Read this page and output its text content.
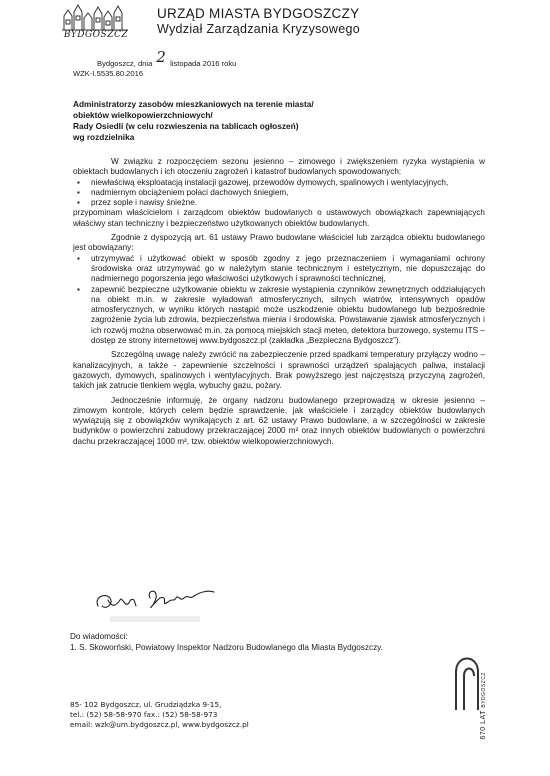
BYDGOSZCZ
URZĄD MIASTA BYDGOSZCZY
Wydział Zarządzania Kryzysowego
Bydgoszcz, dnia 2 listopada 2016 roku
WZK-I.5535.80.2016
Administratorzy zasobów mieszkaniowych na terenie miasta/
obiektów wielkopowierzchniowych/
Rady Osiedli (w celu rozwieszenia na tablicach ogłoszeń)
wg rozdzielnika

W związku z rozpoczęciem sezonu jesienno – zimowego i zwiększeniem ryzyka wystąpienia w obiektach budowlanych i ich otoczeniu zagrożeń i katastrof budowlanych spowodowanych:

▪ niewłaściwą eksploatacją instalacji gazowej, przewodów dymowych, spalinowych i wentylacyjnych,
▪ nadmiernym obciążeniem połaci dachowych śniegiem,
▪ przez sople i nawisy śnieżne.

przypominam właścicielom i zarządcom obiektów budowlanych o ustawowych obowiązkach zapewniających właściwy stan techniczny i bezpieczeństwo użytkowanych obiektów budowlanych.

Zgodnie z dyspozycją art. 61 ustawy Prawo budowlane właściciel lub zarządca obiektu budowlanego jest obowiązany:

▪ utrzymywać i użytkować obiekt w sposób zgodny z jego przeznaczeniem i wymaganiami ochrony środowiska oraz utrzymywać go w należytym stanie technicznym i estetycznym, nie dopuszczając do nadmiernego pogorszenia jego właściwości użytkowych i sprawności technicznej,
▪ zapewnić bezpieczne użytkowanie obiektu w zakresie wystąpienia czynników zewnętrznych oddziałujących na obiekt m.in. w zakresie wyładowań atmosferycznych, silnych wiatrów, intensywnych opadów atmosferycznych, w wyniku których nastąpić może uszkodzenie obiektu budowlanego lub bezpośrednie zagrożenie życia lub zdrowia, bezpieczeństwa mienia i środowiska. Powstawanie zjawisk atmosferycznych i ich rozwój można obserwować m.in. za pomocą miejskich stacji meteo, detektora burzowego, systemu ITS – dostęp ze strony internetowej www.bydgoszcz.pl (zakładka „Bezpieczna Bydgoszcz”).

Szczególną uwagę należy zwrócić na zabezpieczenie przed spadkami temperatury przyłączy wodno – kanalizacyjnych, a także - zapewnienie szczelności i sprawności urządzeń spalających paliwa, instalacji gazowych, dymowych, spalinowych i wentylacyjnych. Brak powyższego jest najczęstszą przyczyną zagrożeń, takich jak zatrucie tlenkiem węgla, wybuchy gazu, pożary.

Jednocześnie informuję, że organy nadzoru budowlanego przeprowadzą w okresie jesienno – zimowym kontrole, których celem będzie sprawdzenie, jak właściciele i zarządcy obiektów budowlanych wywiązują się z obowiązków wynikających z art. 62 ustawy Prawo budowlane, a w szczególności w zakresie budynków o powierzchni zabudowy przekraczającej 2000 m² oraz innych obiektów budowlanych o powierzchni dachu przekraczającej 1000 m², tzw. obiektów wielkopowierzchniowych.

Do wiadomości:
1. S. Skoworński, Powiatowy Inspektor Nadzoru Budowlanego dla Miasta Bydgoszczy.
85- 102 Bydgoszcz, ul. Grudziądzka 9-15,
tel.: (52) 58-58-970 fax.: (52) 58-58-973
email: wzk@um.bydgoszcz.pl, www.bydgoszcz.pl	670 LAT BYDGOSZCZ
